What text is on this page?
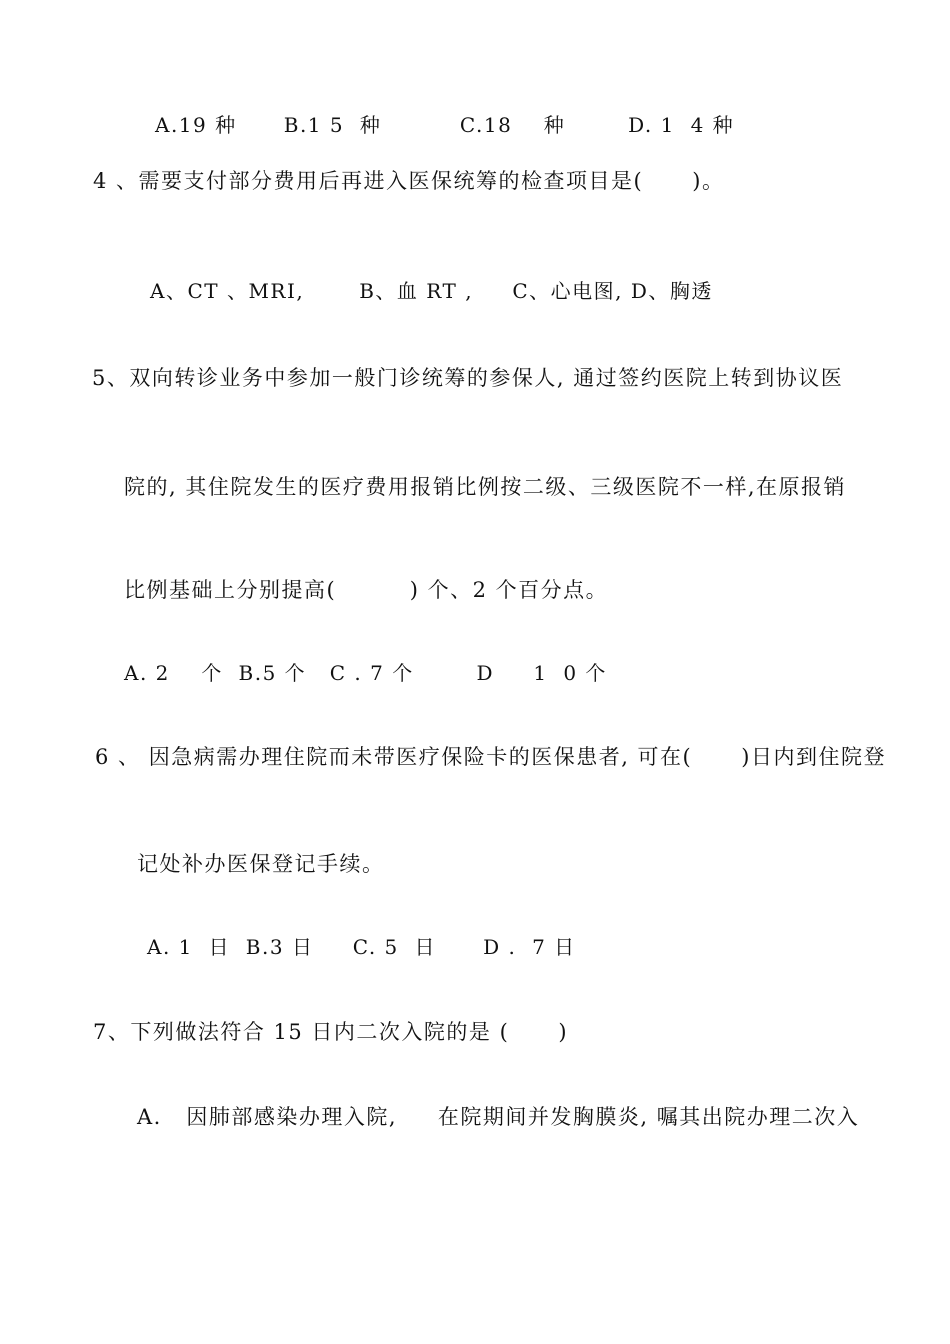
A.19 种      B.1 5  种          C.18    种        D. 1  4 种
4 、需要支付部分费用后再进入医保统筹的检查项目是(      )。
A、CT 、MRI,       B、血 RT ,     C、心电图, D、胸透
5、双向转诊业务中参加一般门诊统筹的参保人, 通过签约医院上转到协议医
院的, 其住院发生的医疗费用报销比例按二级、三级医院不一样,在原报销
比例基础上分别提高(         ) 个、2 个百分点。
A. 2    个  B.5 个   C . 7 个        D     1  0 个
6 、 因急病需办理住院而未带医疗保险卡的医保患者, 可在(      )日内到住院登
记处补办医保登记手续。
A. 1  日  B.3 日     C. 5  日      D .  7 日
7、下列做法符合 15 日内二次入院的是 (      )
A.   因肺部感染办理入院,     在院期间并发胸膜炎, 嘱其出院办理二次入
